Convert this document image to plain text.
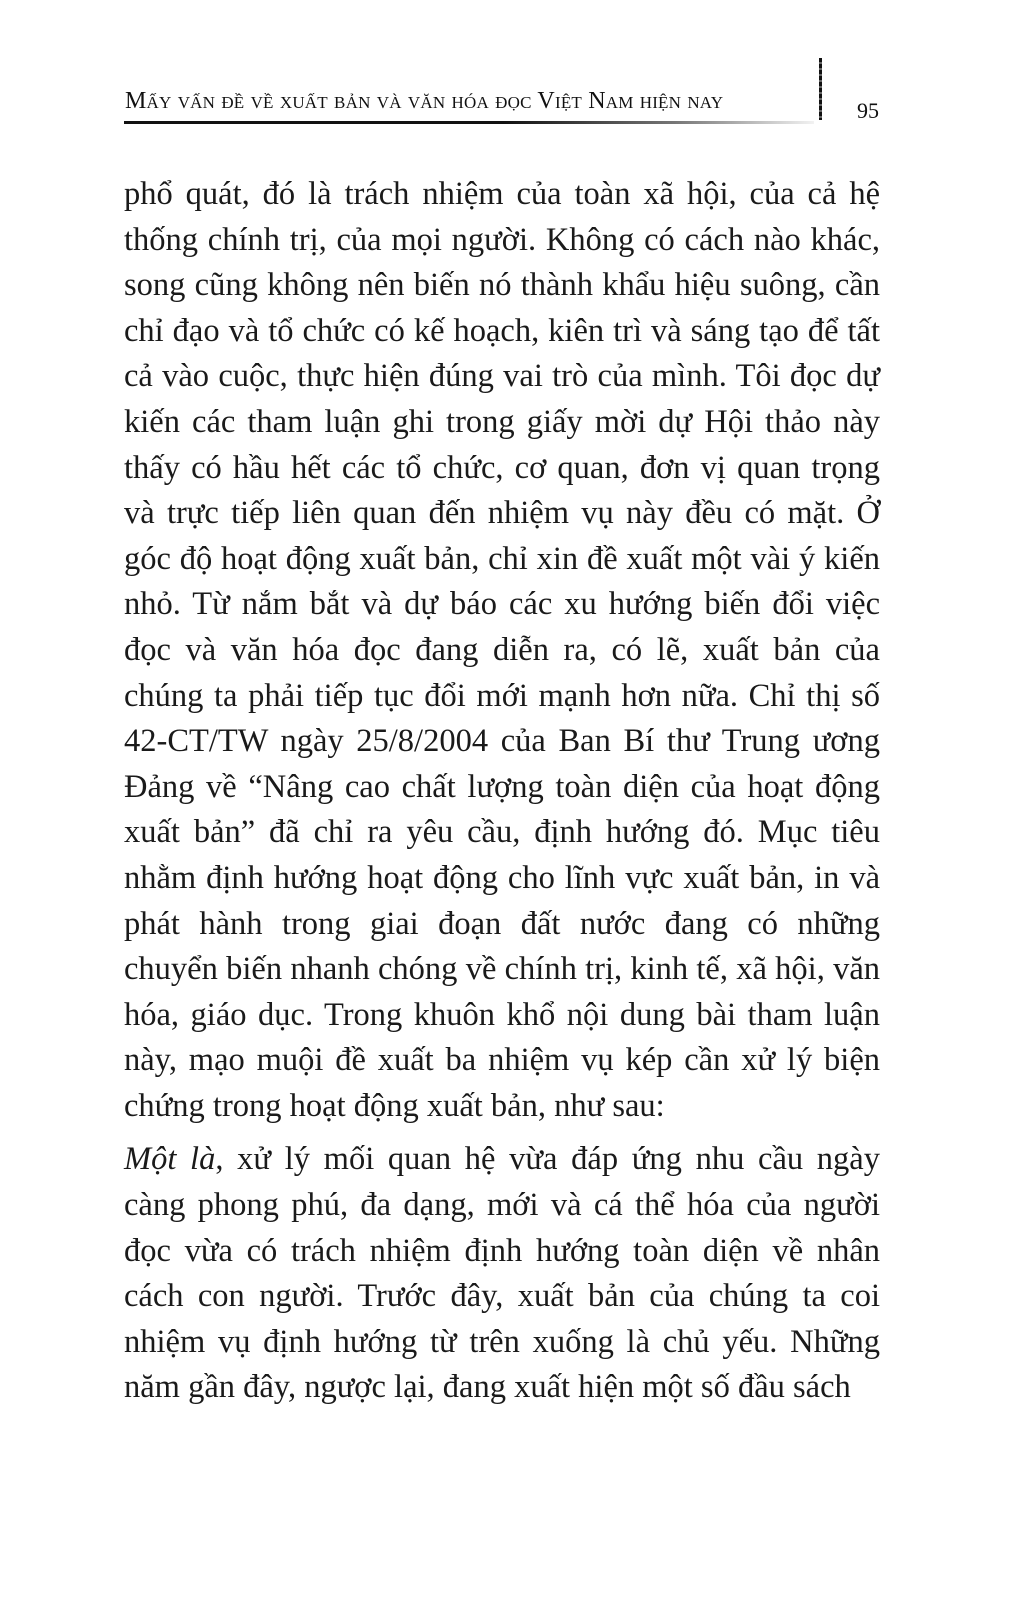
Mấy vấn đề về xuất bản và văn hóa đọc Việt Nam hiện nay	95

phổ quát, đó là trách nhiệm của toàn xã hội, của cả hệ thống chính trị, của mọi người. Không có cách nào khác, song cũng không nên biến nó thành khẩu hiệu suông, cần chỉ đạo và tổ chức có kế hoạch, kiên trì và sáng tạo để tất cả vào cuộc, thực hiện đúng vai trò của mình. Tôi đọc dự kiến các tham luận ghi trong giấy mời dự Hội thảo này thấy có hầu hết các tổ chức, cơ quan, đơn vị quan trọng và trực tiếp liên quan đến nhiệm vụ này đều có mặt. Ở góc độ hoạt động xuất bản, chỉ xin đề xuất một vài ý kiến nhỏ. Từ nắm bắt và dự báo các xu hướng biến đổi việc đọc và văn hóa đọc đang diễn ra, có lẽ, xuất bản của chúng ta phải tiếp tục đổi mới mạnh hơn nữa. Chỉ thị số 42-CT/TW ngày 25/8/2004 của Ban Bí thư Trung ương Đảng về “Nâng cao chất lượng toàn diện của hoạt động xuất bản” đã chỉ ra yêu cầu, định hướng đó. Mục tiêu nhằm định hướng hoạt động cho lĩnh vực xuất bản, in và phát hành trong giai đoạn đất nước đang có những chuyển biến nhanh chóng về chính trị, kinh tế, xã hội, văn hóa, giáo dục. Trong khuôn khổ nội dung bài tham luận này, mạo muội đề xuất ba nhiệm vụ kép cần xử lý biện chứng trong hoạt động xuất bản, như sau:

Một là, xử lý mối quan hệ vừa đáp ứng nhu cầu ngày càng phong phú, đa dạng, mới và cá thể hóa của người đọc vừa có trách nhiệm định hướng toàn diện về nhân cách con người. Trước đây, xuất bản của chúng ta coi nhiệm vụ định hướng từ trên xuống là chủ yếu. Những năm gần đây, ngược lại, đang xuất hiện một số đầu sách
